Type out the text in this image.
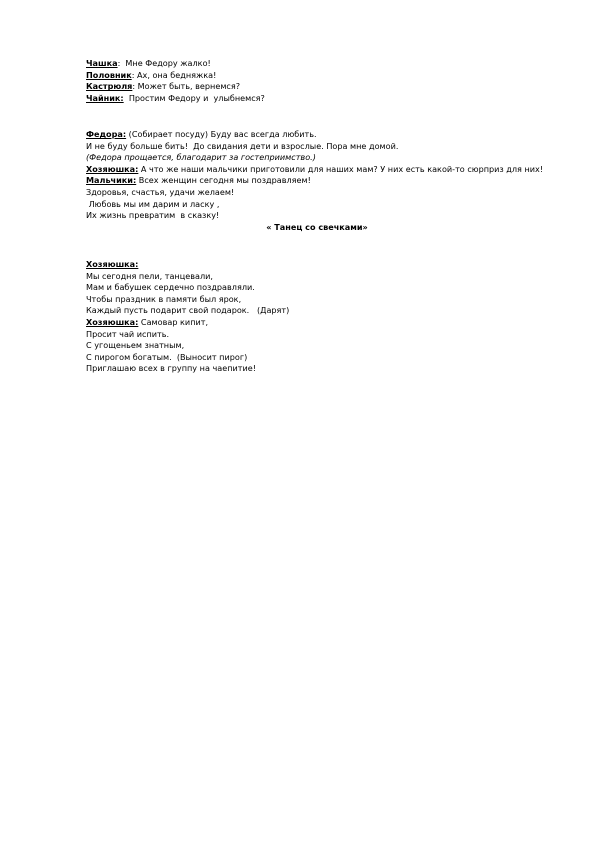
Чашка:  Мне Федору жалко!
Половник: Ах, она бедняжка!
Кастрюля: Может быть, вернемся?
Чайник:  Простим Федору и  улыбнемся?
Федора: (Собирает посуду) Буду вас всегда любить.
И не буду больше бить!  До свидания дети и взрослые. Пора мне домой.
(Федора прощается, благодарит за гостеприимство.)
Хозяюшка: А что же наши мальчики приготовили для наших мам? У них есть какой-то сюрприз для них!
Мальчики: Всех женщин сегодня мы поздравляем!
Здоровья, счастья, удачи желаем!
Любовь мы им дарим и ласку ,
Их жизнь превратим  в сказку!
« Танец со свечками»
Хозяюшка:
Мы сегодня пели, танцевали,
Мам и бабушек сердечно поздравляли.
Чтобы праздник в памяти был ярок,
Каждый пусть подарит свой подарок.   (Дарят)
Хозяюшка: Самовар кипит,
Просит чай испить.
С угощеньем знатным,
С пирогом богатым.  (Выносит пирог)
Приглашаю всех в группу на чаепитие!
